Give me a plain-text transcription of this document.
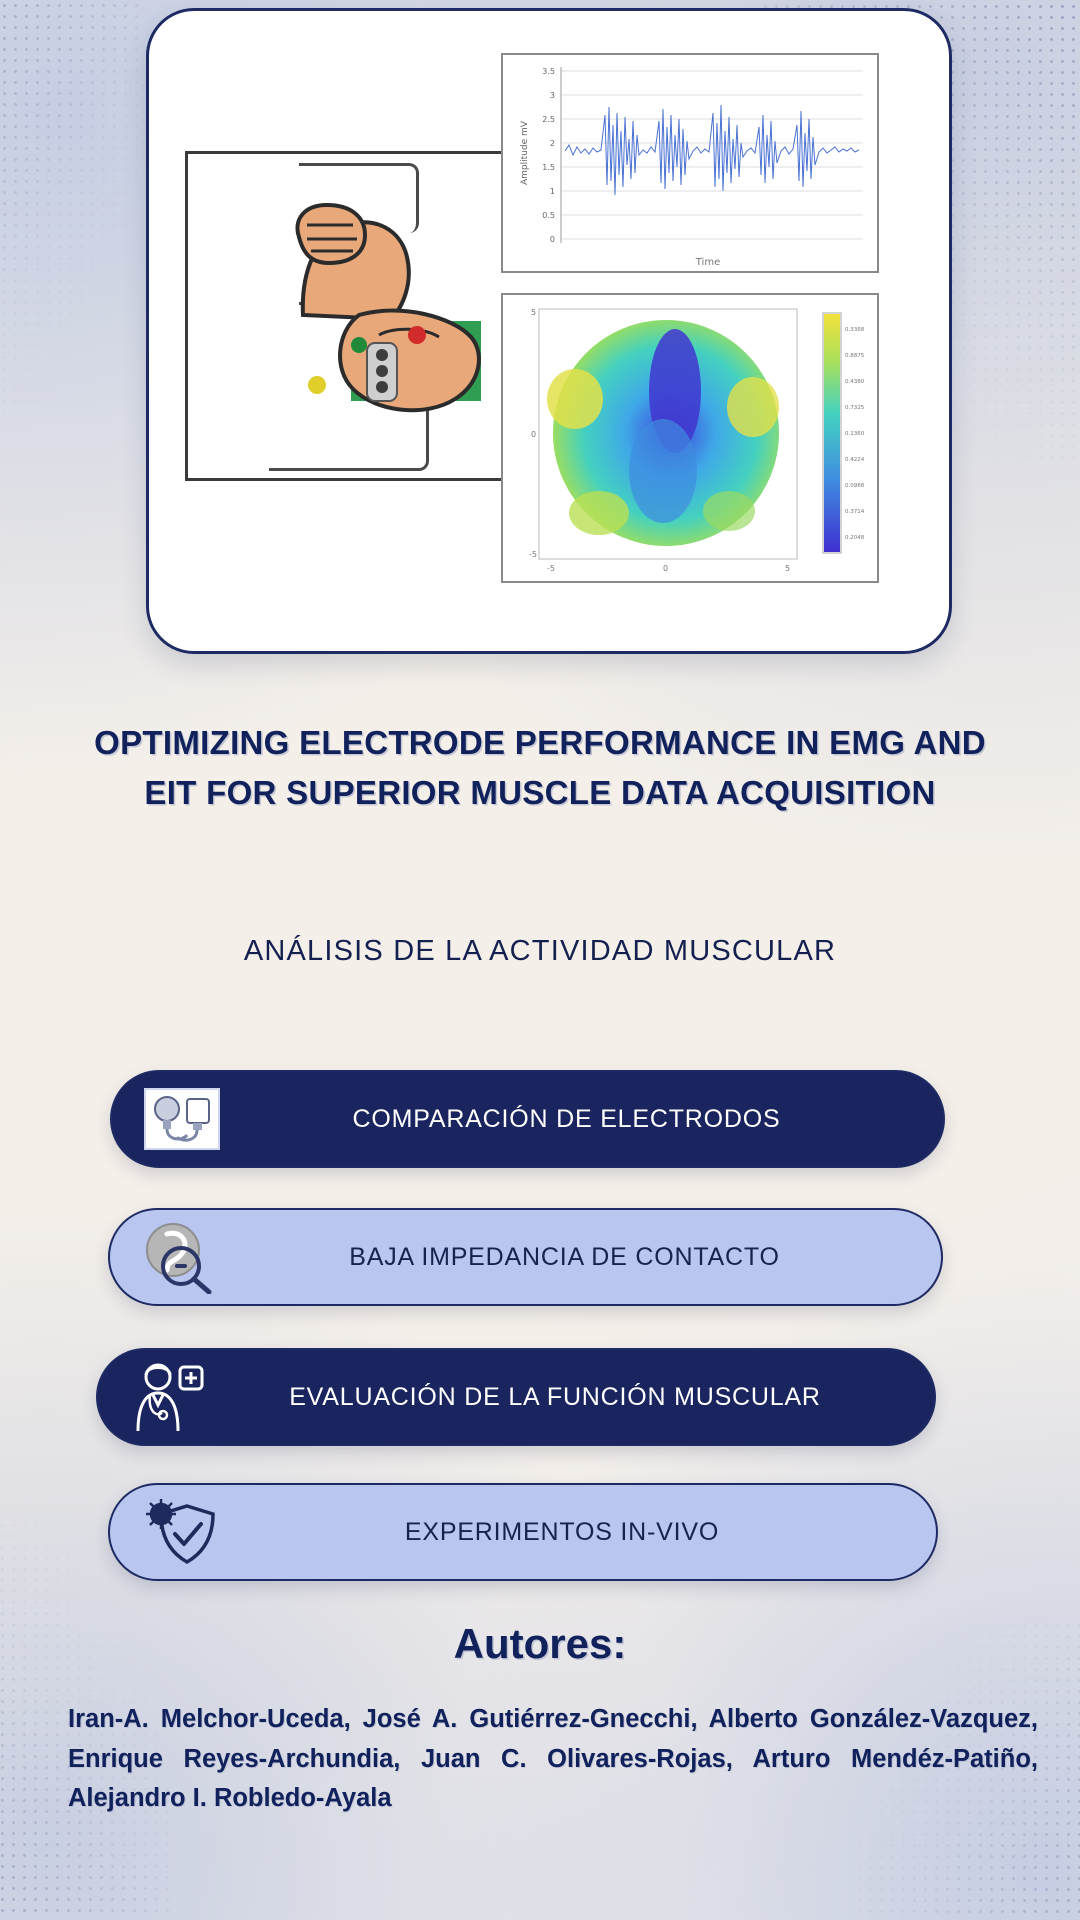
3.5
3
2.5
2
1.5
1
0.5
0
Amplitude mV
Time
5
0
-5
-5	0	5
0.3368
0.8875
0.4380
0.7325
0.1360
0.4224
0.0988
0.3714
0.2048
OPTIMIZING ELECTRODE PERFORMANCE IN EMG AND EIT FOR SUPERIOR MUSCLE DATA ACQUISITION
ANÁLISIS DE LA ACTIVIDAD MUSCULAR
COMPARACIÓN DE ELECTRODOS
BAJA IMPEDANCIA DE CONTACTO
EVALUACIÓN DE LA FUNCIÓN MUSCULAR
EXPERIMENTOS IN-VIVO
Autores:
Iran-A. Melchor-Uceda, José A. Gutiérrez-Gnecchi, Alberto González-Vazquez, Enrique Reyes-Archundia, Juan C. Olivares-Rojas, Arturo Mendéz-Patiño, Alejandro I. Robledo-Ayala
